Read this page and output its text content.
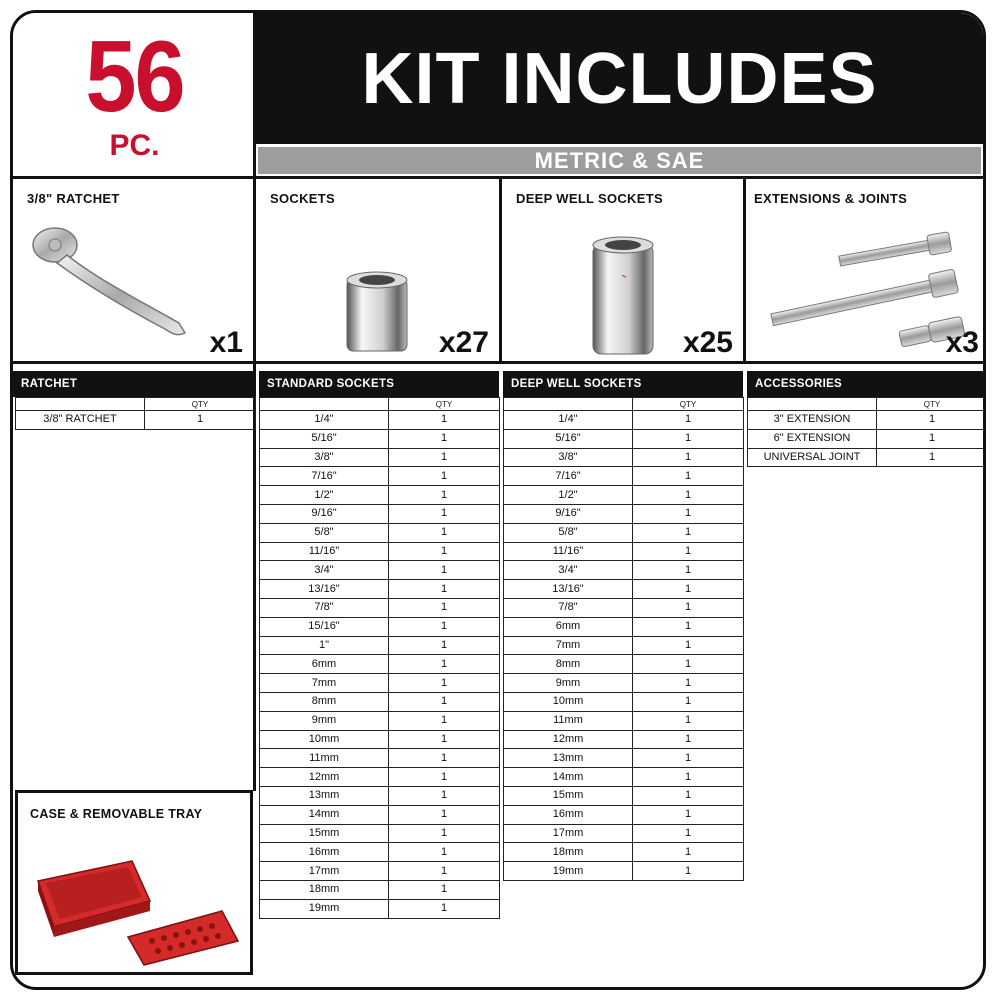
56
PC.
KIT INCLUDES
METRIC & SAE
3/8" RATCHET
x1
SOCKETS
x27
DEEP WELL SOCKETS
~
x25
EXTENSIONS & JOINTS
x3
RATCHET
	QTY
3/8" RATCHET	1
STANDARD SOCKETS
	QTY
1/4"	1
5/16"	1
3/8"	1
7/16"	1
1/2"	1
9/16"	1
5/8"	1
11/16"	1
3/4"	1
13/16"	1
7/8"	1
15/16"	1
1"	1
6mm	1
7mm	1
8mm	1
9mm	1
10mm	1
11mm	1
12mm	1
13mm	1
14mm	1
15mm	1
16mm	1
17mm	1
18mm	1
19mm	1
DEEP WELL SOCKETS
	QTY
1/4"	1
5/16"	1
3/8"	1
7/16"	1
1/2"	1
9/16"	1
5/8"	1
11/16"	1
3/4"	1
13/16"	1
7/8"	1
6mm	1
7mm	1
8mm	1
9mm	1
10mm	1
11mm	1
12mm	1
13mm	1
14mm	1
15mm	1
16mm	1
17mm	1
18mm	1
19mm	1
ACCESSORIES
	QTY
3" EXTENSION	1
6" EXTENSION	1
UNIVERSAL JOINT	1
CASE & REMOVABLE TRAY
